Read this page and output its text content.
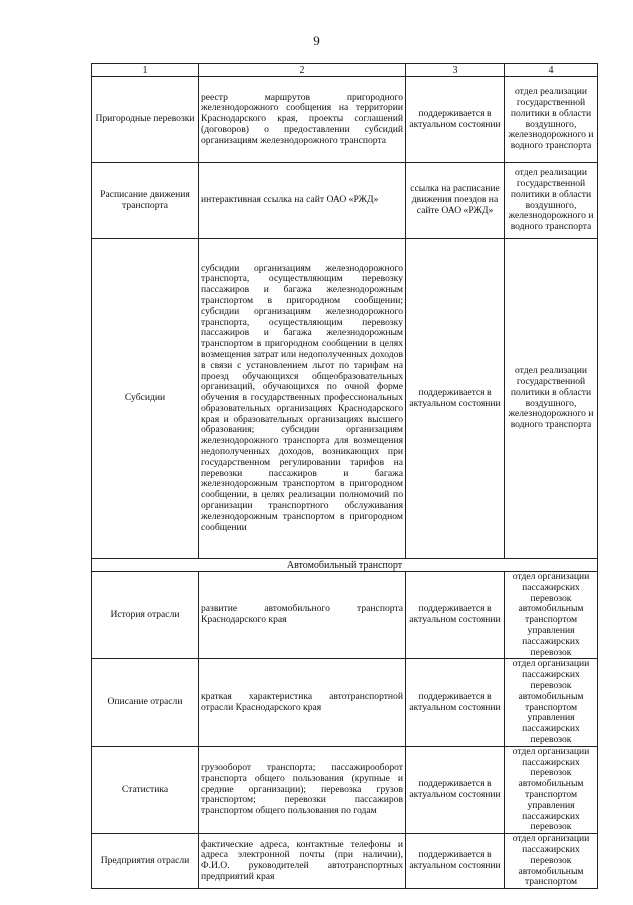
9
1	2	3	4
Пригородные перевозки	реестр маршрутов пригородного железнодорожного сообщения на территории Краснодарского края, проекты соглашений (договоров) о предоставлении субсидий организациям железнодорожного транспорта	поддерживается в актуальном состоянии	отдел реализации государственной политики в области воздушного, железнодорожного и водного транспорта
Расписание движения транспорта	интерактивная ссылка на сайт ОАО «РЖД»	ссылка на расписание движения поездов на сайте ОАО «РЖД»	отдел реализации государственной политики в области воздушного, железнодорожного и водного транспорта
Субсидии	субсидии организациям железнодорожного транспорта, осуществляющим перевозку пассажиров и багажа железнодорожным транспортом в пригородном сообщении; субсидии организациям железнодорожного транспорта, осуществляющим перевозку пассажиров и багажа железнодорожным транспортом в пригородном сообщении в целях возмещения затрат или недополученных доходов в связи с установлением льгот по тарифам на проезд обучающихся общеобразовательных организаций, обучающихся по очной форме обучения в государственных профессиональных образовательных организациях Краснодарского края и образовательных организациях высшего образования; субсидии организациям железнодорожного транспорта для возмещения недополученных доходов, возникающих при государственном регулировании тарифов на перевозки пассажиров и багажа железнодорожным транспортом в пригородном сообщении, в целях реализации полномочий по организации транспортного обслуживания железнодорожным транспортом в пригородном сообщении	поддерживается в актуальном состоянии	отдел реализации государственной политики в области воздушного, железнодорожного и водного транспорта
Автомобильный транспорт			
История отрасли	развитие автомобильного транспорта Краснодарского края	поддерживается в актуальном состоянии	отдел организации пассажирских перевозок автомобильным транспортом управления пассажирских перевозок
Описание отрасли	краткая характеристика автотранспортной отрасли Краснодарского края	поддерживается в актуальном состоянии	отдел организации пассажирских перевозок автомобильным транспортом управления пассажирских перевозок
Статистика	грузооборот транспорта; пассажирооборот транспорта общего пользования (крупные и средние организации); перевозка грузов транспортом; перевозки пассажиров транспортом общего пользования по годам	поддерживается в актуальном состоянии	отдел организации пассажирских перевозок автомобильным транспортом управления пассажирских перевозок
Предприятия отрасли	фактические адреса, контактные телефоны и адреса электронной почты (при наличии), Ф.И.О. руководителей автотранспортных предприятий края	поддерживается в актуальном состоянии	отдел организации пассажирских перевозок автомобильным транспортом
